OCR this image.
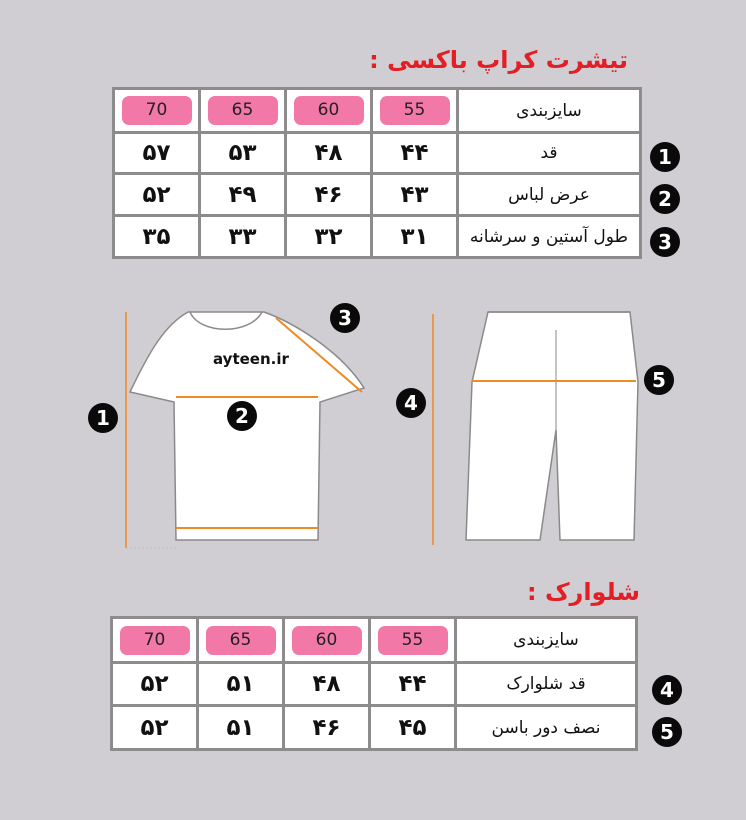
تیشرت کراپ باکسی :
70	65	60	55	سایزبندی
۵۷	۵۳	۴۸	۴۴	قد
۵۲	۴۹	۴۶	۴۳	عرض لباس
۳۵	۳۳	۳۲	۳۱	طول آستین و سرشانه
1
2
3
ayteen.ir
1	2
3
4
5
شلوارک :
70	65	60	55	سایزبندی
۵۲	۵۱	۴۸	۴۴	قد شلوارک
۵۲	۵۱	۴۶	۴۵	نصف دور باسن
4
5
